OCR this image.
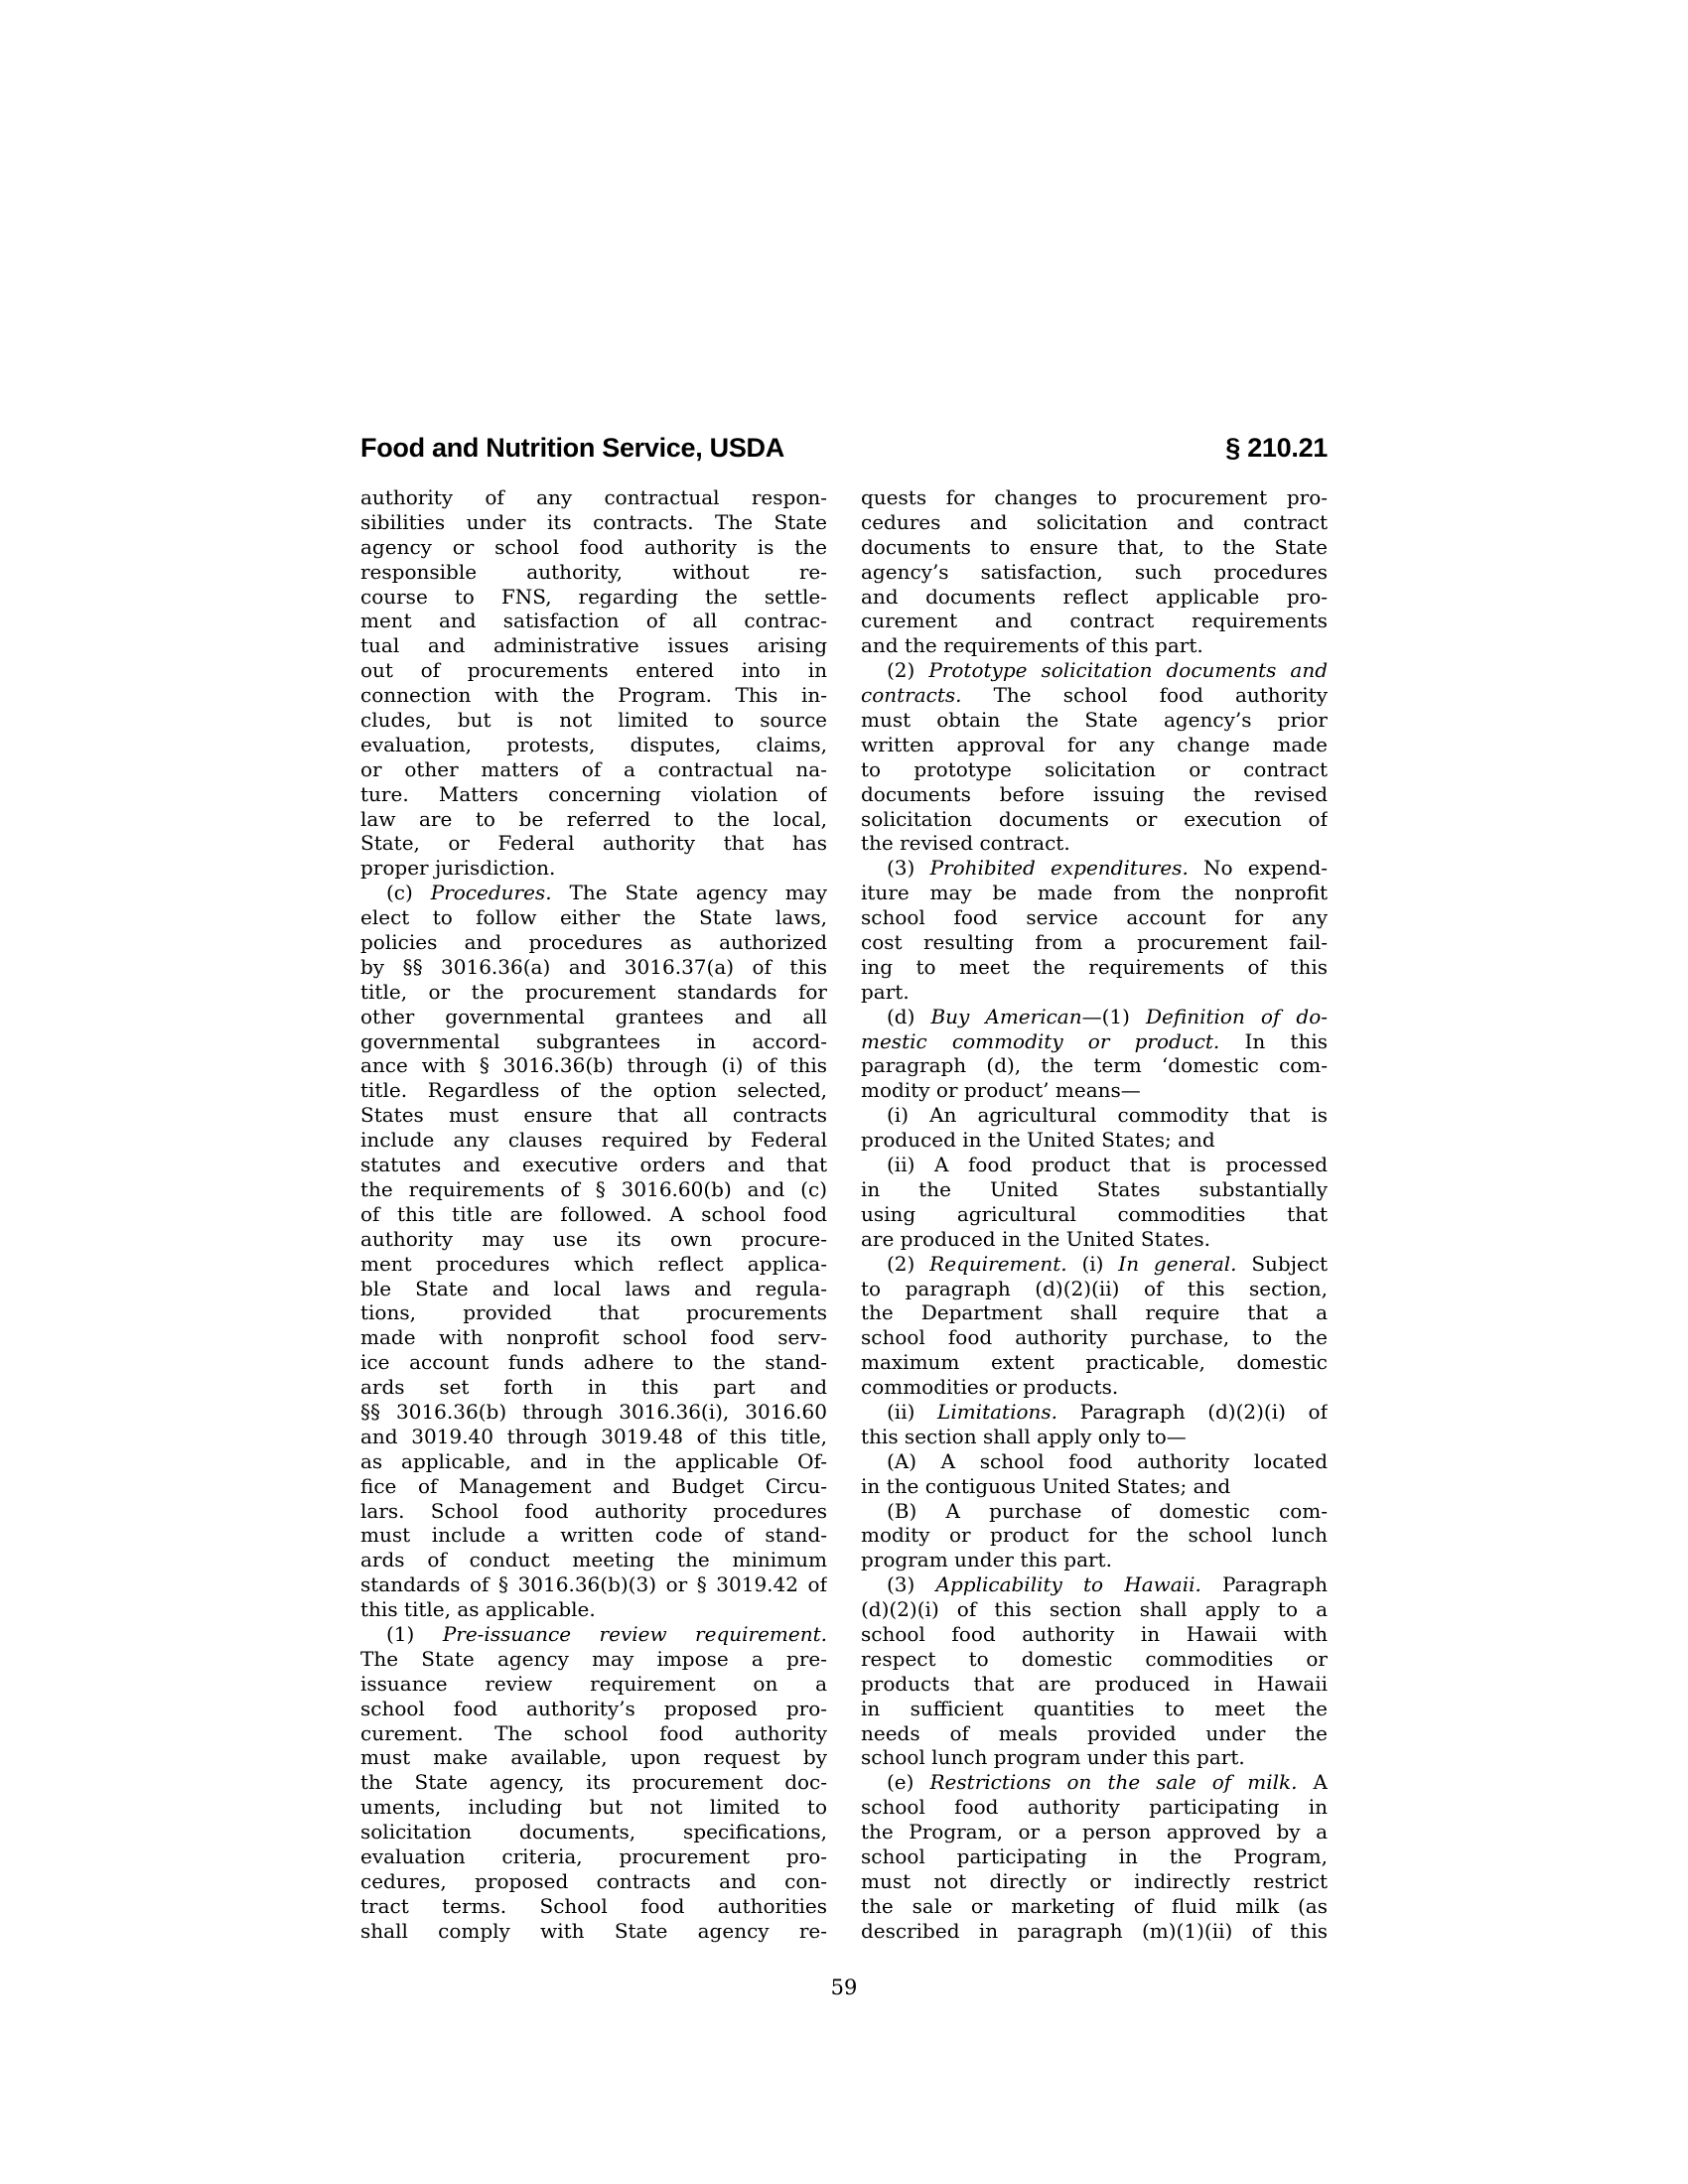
Food and Nutrition Service, USDA	§ 210.21
authority of any contractual respon-
sibilities under its contracts. The State
agency or school food authority is the
responsible authority, without re-
course to FNS, regarding the settle-
ment and satisfaction of all contrac-
tual and administrative issues arising
out of procurements entered into in
connection with the Program. This in-
cludes, but is not limited to source
evaluation, protests, disputes, claims,
or other matters of a contractual na-
ture. Matters concerning violation of
law are to be referred to the local,
State, or Federal authority that has
proper jurisdiction.
(c) Procedures. The State agency may
elect to follow either the State laws,
policies and procedures as authorized
by §§ 3016.36(a) and 3016.37(a) of this
title, or the procurement standards for
other governmental grantees and all
governmental subgrantees in accord-
ance with § 3016.36(b) through (i) of this
title. Regardless of the option selected,
States must ensure that all contracts
include any clauses required by Federal
statutes and executive orders and that
the requirements of § 3016.60(b) and (c)
of this title are followed. A school food
authority may use its own procure-
ment procedures which reflect applica-
ble State and local laws and regula-
tions, provided that procurements
made with nonprofit school food serv-
ice account funds adhere to the stand-
ards set forth in this part and
§§ 3016.36(b) through 3016.36(i), 3016.60
and 3019.40 through 3019.48 of this title,
as applicable, and in the applicable Of-
fice of Management and Budget Circu-
lars. School food authority procedures
must include a written code of stand-
ards of conduct meeting the minimum
standards of § 3016.36(b)(3) or § 3019.42 of
this title, as applicable.
(1) Pre-issuance review requirement.
The State agency may impose a pre-
issuance review requirement on a
school food authority’s proposed pro-
curement. The school food authority
must make available, upon request by
the State agency, its procurement doc-
uments, including but not limited to
solicitation documents, specifications,
evaluation criteria, procurement pro-
cedures, proposed contracts and con-
tract terms. School food authorities
shall comply with State agency re-
quests for changes to procurement pro-
cedures and solicitation and contract
documents to ensure that, to the State
agency’s satisfaction, such procedures
and documents reflect applicable pro-
curement and contract requirements
and the requirements of this part.
(2) Prototype solicitation documents and
contracts. The school food authority
must obtain the State agency’s prior
written approval for any change made
to prototype solicitation or contract
documents before issuing the revised
solicitation documents or execution of
the revised contract.
(3) Prohibited expenditures. No expend-
iture may be made from the nonprofit
school food service account for any
cost resulting from a procurement fail-
ing to meet the requirements of this
part.
(d) Buy American—(1) Definition of do-
mestic commodity or product. In this
paragraph (d), the term ‘domestic com-
modity or product’ means—
(i) An agricultural commodity that is
produced in the United States; and
(ii) A food product that is processed
in the United States substantially
using agricultural commodities that
are produced in the United States.
(2) Requirement. (i) In general. Subject
to paragraph (d)(2)(ii) of this section,
the Department shall require that a
school food authority purchase, to the
maximum extent practicable, domestic
commodities or products.
(ii) Limitations. Paragraph (d)(2)(i) of
this section shall apply only to—
(A) A school food authority located
in the contiguous United States; and
(B) A purchase of domestic com-
modity or product for the school lunch
program under this part.
(3) Applicability to Hawaii. Paragraph
(d)(2)(i) of this section shall apply to a
school food authority in Hawaii with
respect to domestic commodities or
products that are produced in Hawaii
in sufficient quantities to meet the
needs of meals provided under the
school lunch program under this part.
(e) Restrictions on the sale of milk. A
school food authority participating in
the Program, or a person approved by a
school participating in the Program,
must not directly or indirectly restrict
the sale or marketing of fluid milk (as
described in paragraph (m)(1)(ii) of this
59
